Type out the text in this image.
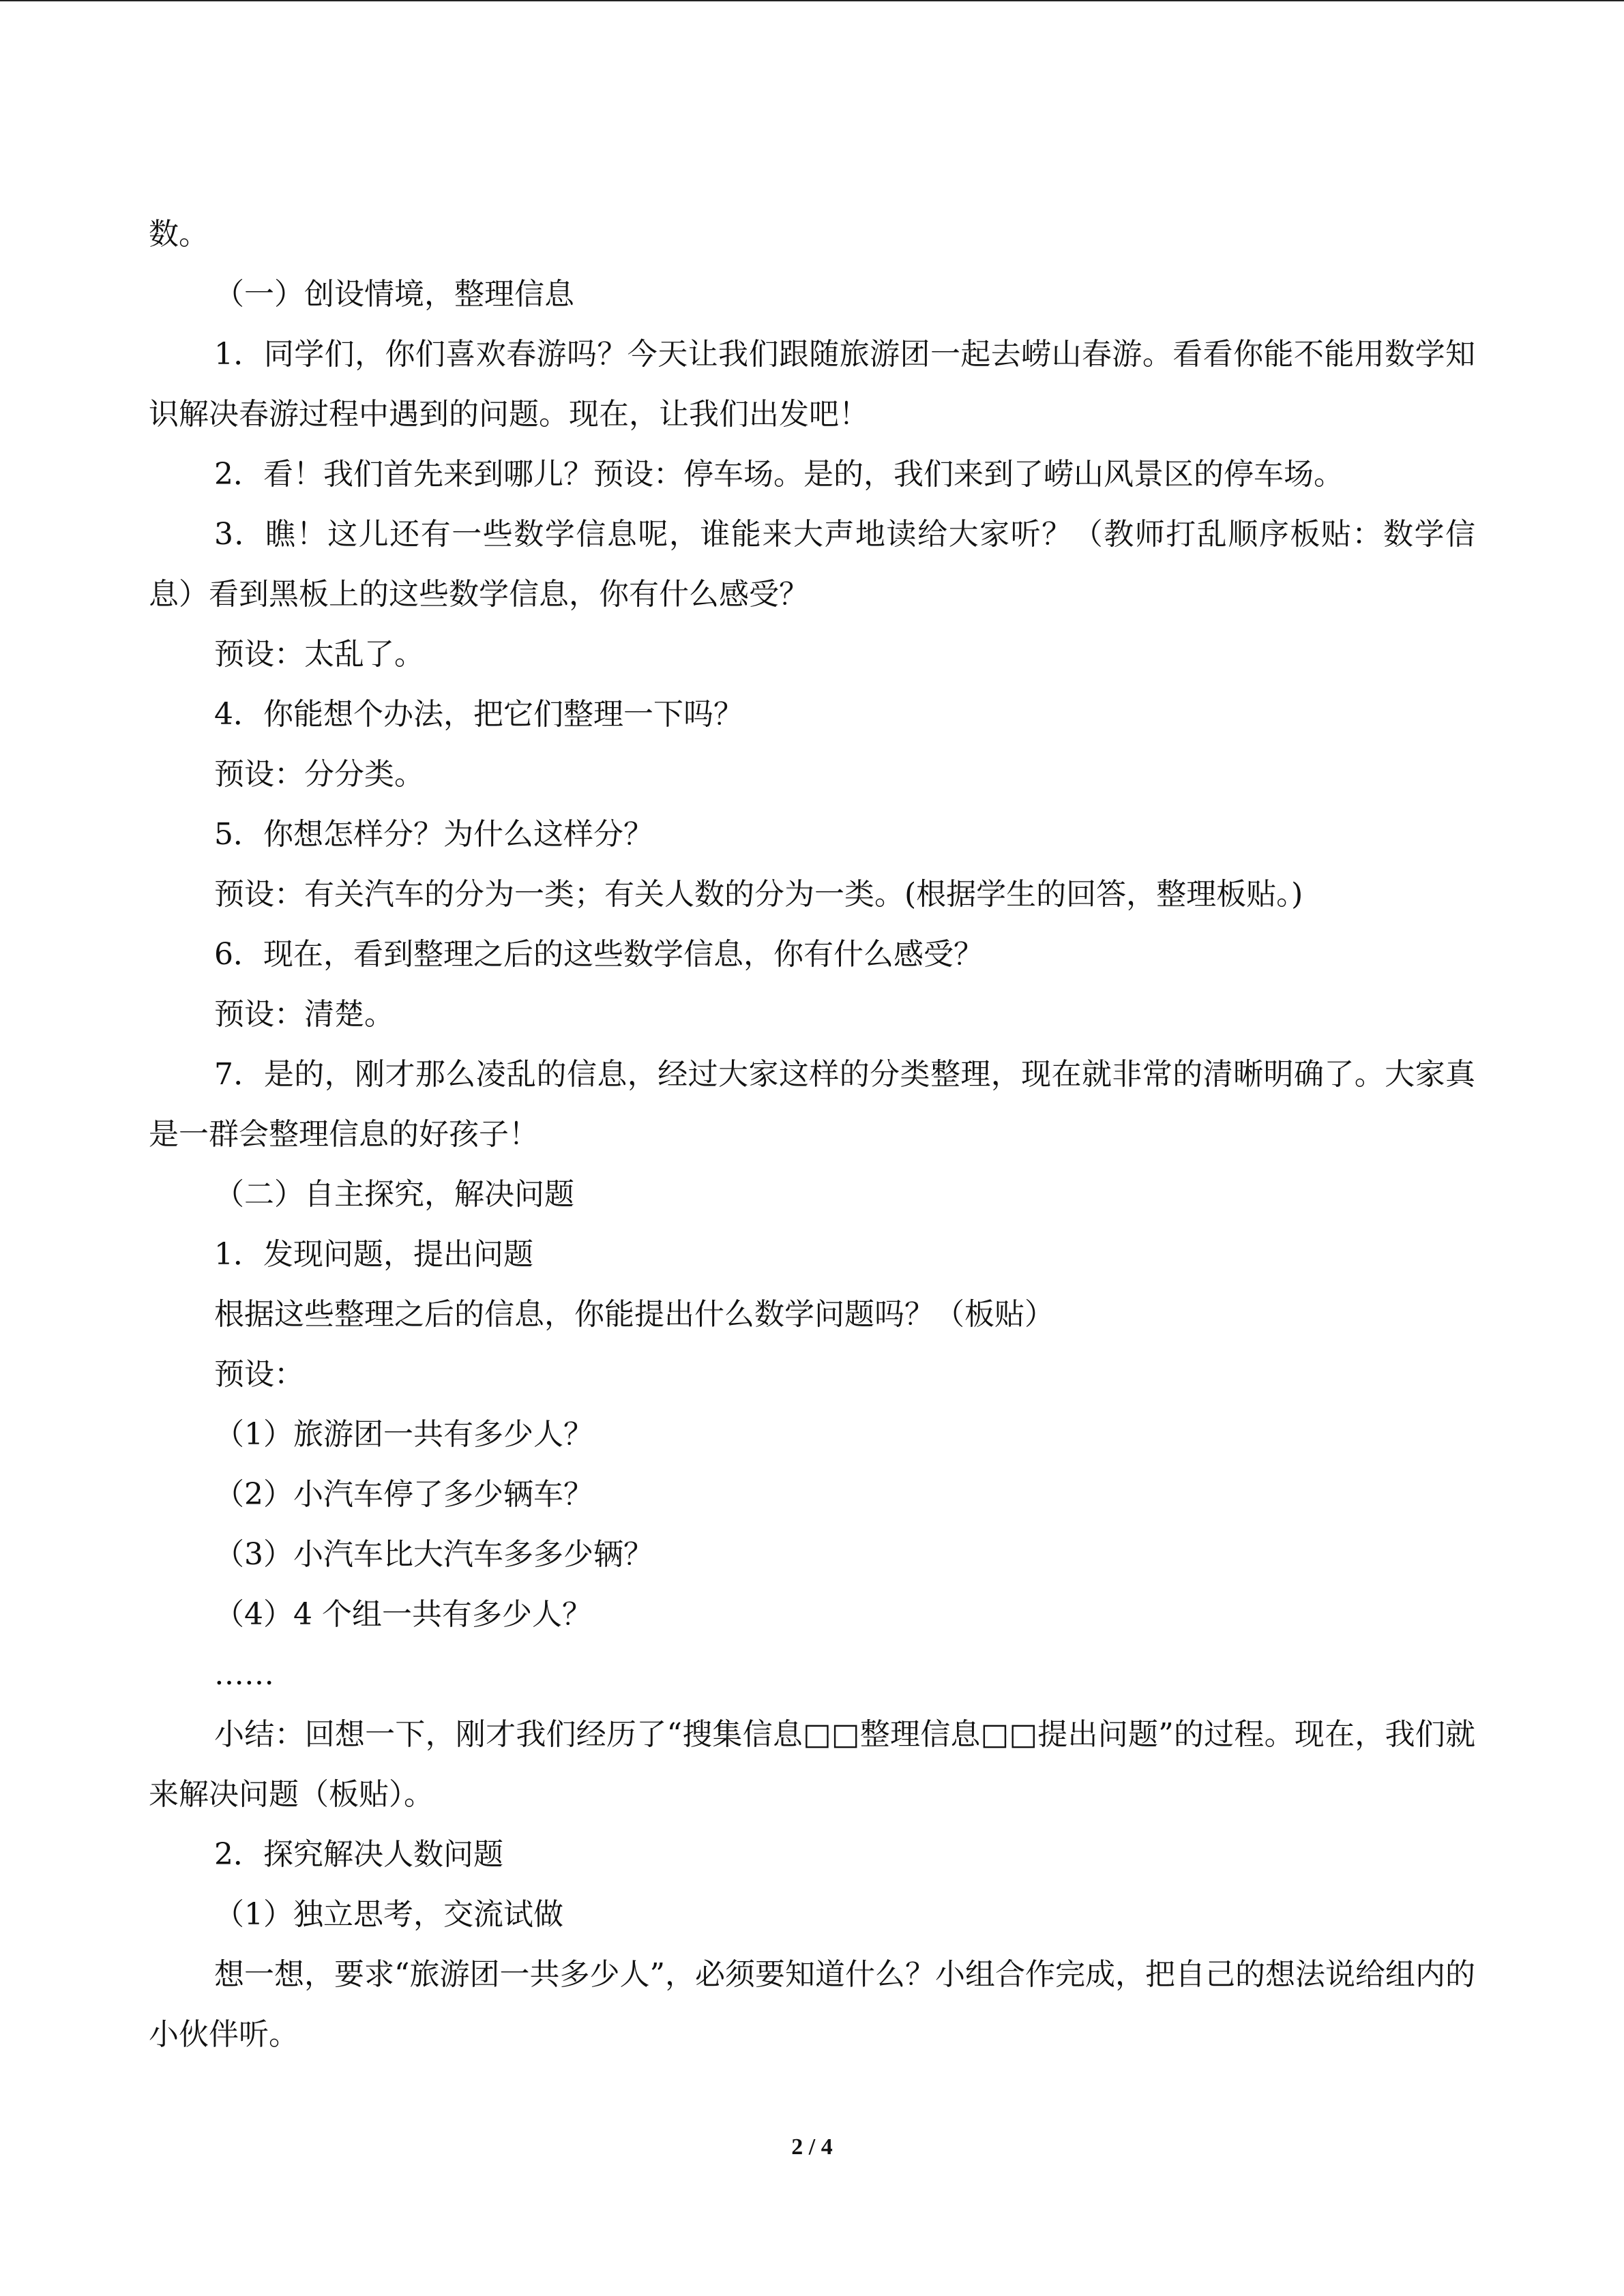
数。

（一）创设情境，整理信息

1．同学们，你们喜欢春游吗？今天让我们跟随旅游团一起去崂山春游。看看你能不能用数学知识解决春游过程中遇到的问题。现在，让我们出发吧！

2．看！我们首先来到哪儿？预设：停车场。是的，我们来到了崂山风景区的停车场。

3．瞧！这儿还有一些数学信息呢，谁能来大声地读给大家听？（教师打乱顺序板贴：数学信息）看到黑板上的这些数学信息，你有什么感受？

预设：太乱了。

4．你能想个办法，把它们整理一下吗？

预设：分分类。

5．你想怎样分？为什么这样分？

预设：有关汽车的分为一类；有关人数的分为一类。(根据学生的回答，整理板贴。)

6．现在，看到整理之后的这些数学信息，你有什么感受？

预设：清楚。

7．是的，刚才那么凌乱的信息，经过大家这样的分类整理，现在就非常的清晰明确了。大家真是一群会整理信息的好孩子！

（二）自主探究，解决问题

1．发现问题，提出问题

根据这些整理之后的信息，你能提出什么数学问题吗？（板贴）

预设：

（1）旅游团一共有多少人？

（2）小汽车停了多少辆车？

（3）小汽车比大汽车多多少辆？

（4）4 个组一共有多少人？

……

小结：回想一下，刚才我们经历了“搜集信息□□整理信息□□提出问题”的过程。现在，我们就来解决问题（板贴）。

2．探究解决人数问题

（1）独立思考，交流试做

想一想，要求“旅游团一共多少人”，必须要知道什么？小组合作完成，把自己的想法说给组内的小伙伴听。

2 / 4
